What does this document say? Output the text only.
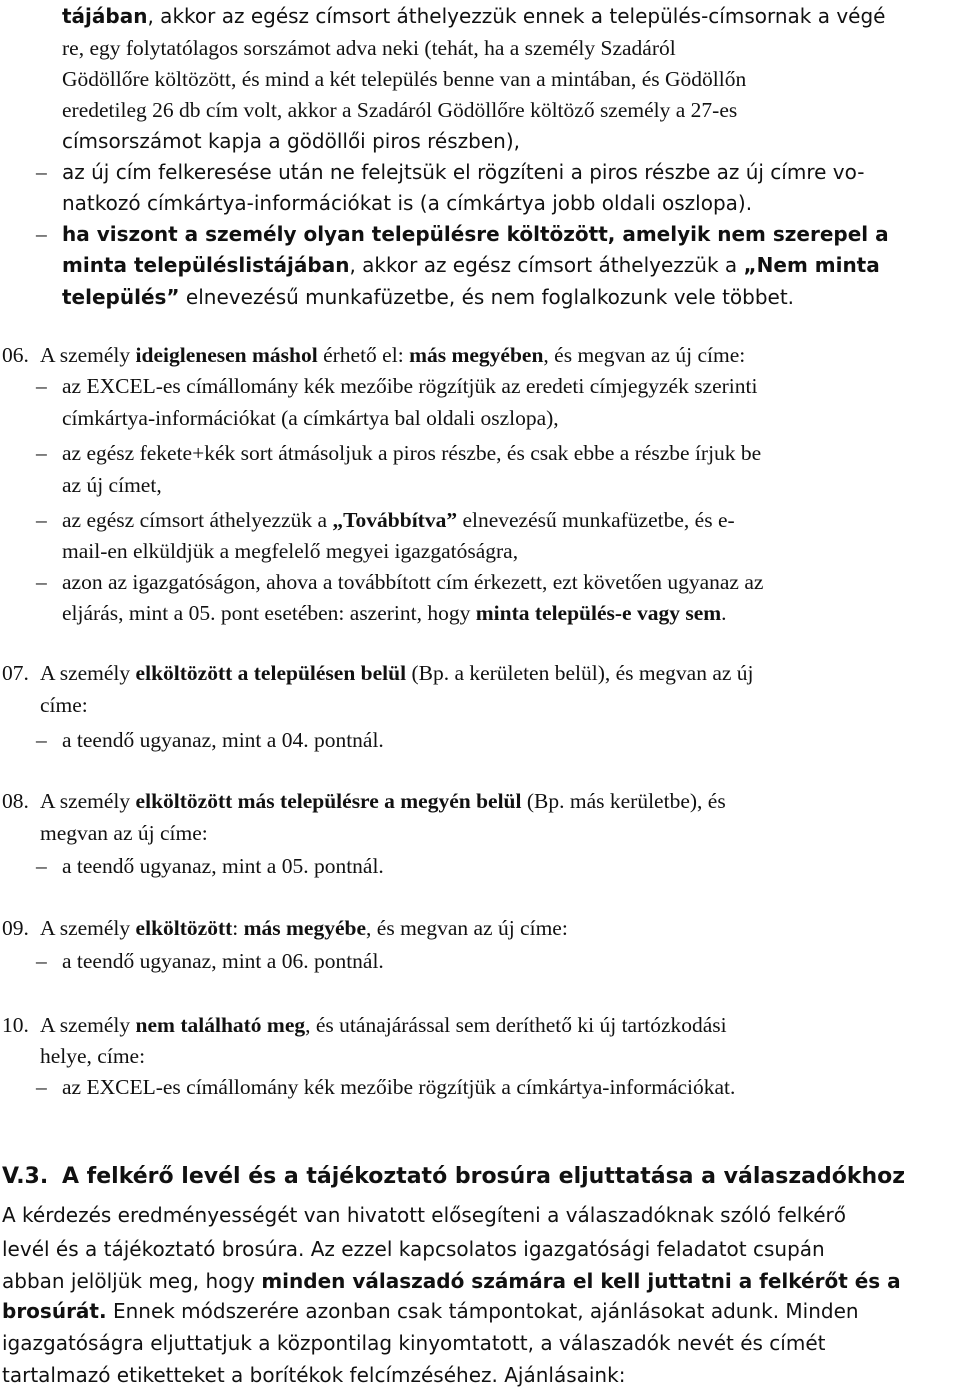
tájában, akkor az egész címsort áthelyezzük ennek a település-címsornak a végé
re, egy folytatólagos sorszámot adva neki (tehát, ha a személy Szadáról
Gödöllőre költözött, és mind a két település benne van a mintában, és Gödöllőn
eredetileg 26 db cím volt, akkor a Szadáról Gödöllőre költöző személy a 27-es
címsorszámot kapja a gödöllői piros részben),
– az új cím felkeresése után ne felejtsük el rögzíteni a piros részbe az új címre vo-
natkozó címkártya-információkat is (a címkártya jobb oldali oszlopa).
– ha viszont a személy olyan településre költözött, amelyik nem szerepel a
minta településlistájában, akkor az egész címsort áthelyezzük a „Nem minta
település” elnevezésű munkafüzetbe, és nem foglalkozunk vele többet.
06. A személy ideiglenesen máshol érhető el: más megyében, és megvan az új címe:
– az EXCEL-es címállomány kék mezőibe rögzítjük az eredeti címjegyzék szerinti
címkártya-információkat (a címkártya bal oldali oszlopa),
– az egész fekete+kék sort átmásoljuk a piros részbe, és csak ebbe a részbe írjuk be
az új címet,
– az egész címsort áthelyezzük a „Továbbítva” elnevezésű munkafüzetbe, és e-
mail-en elküldjük a megfelelő megyei igazgatóságra,
– azon az igazgatóságon, ahova a továbbított cím érkezett, ezt követően ugyanaz az
eljárás, mint a 05. pont esetében: aszerint, hogy minta település-e vagy sem.
07. A személy elköltözött a településen belül (Bp. a kerületen belül), és megvan az új
címe:
– a teendő ugyanaz, mint a 04. pontnál.
08. A személy elköltözött más településre a megyén belül (Bp. más kerületbe), és
megvan az új címe:
– a teendő ugyanaz, mint a 05. pontnál.
09. A személy elköltözött: más megyébe, és megvan az új címe:
– a teendő ugyanaz, mint a 06. pontnál.
10. A személy nem található meg, és utánajárással sem deríthető ki új tartózkodási
helye, címe:
– az EXCEL-es címállomány kék mezőibe rögzítjük a címkártya-információkat.
V.3. A felkérő levél és a tájékoztató brosúra eljuttatása a válaszadókhoz
A kérdezés eredményességét van hivatott elősegíteni a válaszadóknak szóló felkérő
levél és a tájékoztató brosúra. Az ezzel kapcsolatos igazgatósági feladatot csupán
abban jelöljük meg, hogy minden válaszadó számára el kell juttatni a felkérőt és a
brosúrát. Ennek módszerére azonban csak támpontokat, ajánlásokat adunk. Minden
igazgatóságra eljuttatjuk a központilag kinyomtatott, a válaszadók nevét és címét
tartalmazó etiketteket a borítékok felcímzéséhez. Ajánlásaink:
